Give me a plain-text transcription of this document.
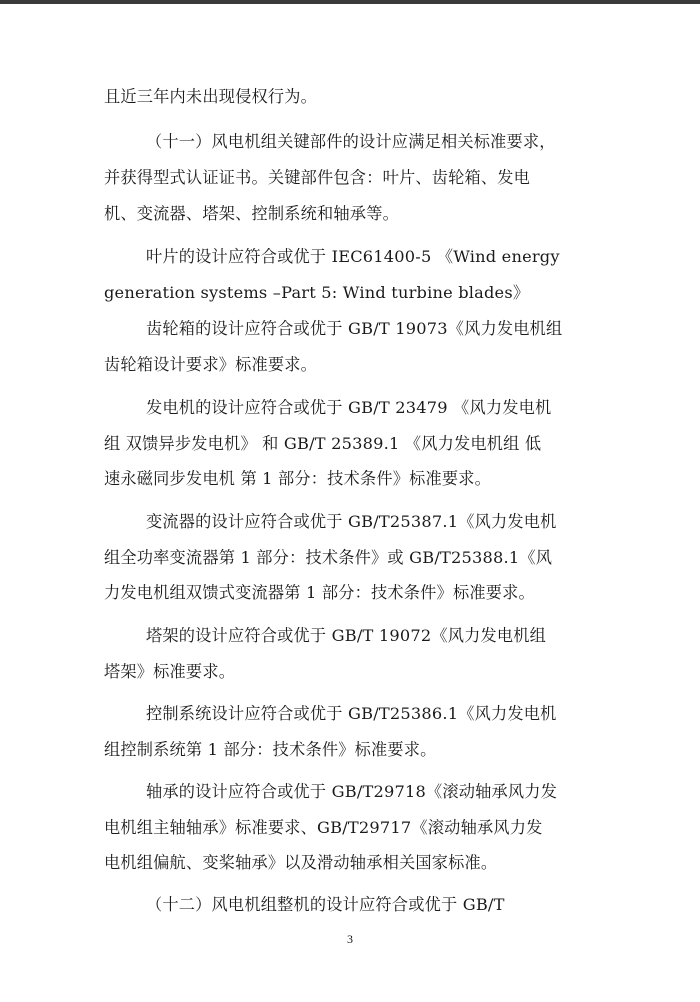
且近三年内未出现侵权行为。
（十一）风电机组关键部件的设计应满足相关标准要求，
并获得型式认证证书。关键部件包含：叶片、齿轮箱、发电
机、变流器、塔架、控制系统和轴承等。
叶片的设计应符合或优于 IEC61400-5 《Wind energy
generation systems –Part 5: Wind turbine blades》
齿轮箱的设计应符合或优于 GB/T 19073《风力发电机组
齿轮箱设计要求》标准要求。
发电机的设计应符合或优于 GB/T 23479 《风力发电机
组 双馈异步发电机》 和 GB/T 25389.1 《风力发电机组 低
速永磁同步发电机 第 1 部分：技术条件》标准要求。
变流器的设计应符合或优于 GB/T25387.1《风力发电机
组全功率变流器第 1 部分：技术条件》或 GB/T25388.1《风
力发电机组双馈式变流器第 1 部分：技术条件》标准要求。
塔架的设计应符合或优于 GB/T 19072《风力发电机组
塔架》标准要求。
控制系统设计应符合或优于 GB/T25386.1《风力发电机
组控制系统第 1 部分：技术条件》标准要求。
轴承的设计应符合或优于 GB/T29718《滚动轴承风力发
电机组主轴轴承》标准要求、GB/T29717《滚动轴承风力发
电机组偏航、变桨轴承》以及滑动轴承相关国家标准。
（十二）风电机组整机的设计应符合或优于 GB/T
3
